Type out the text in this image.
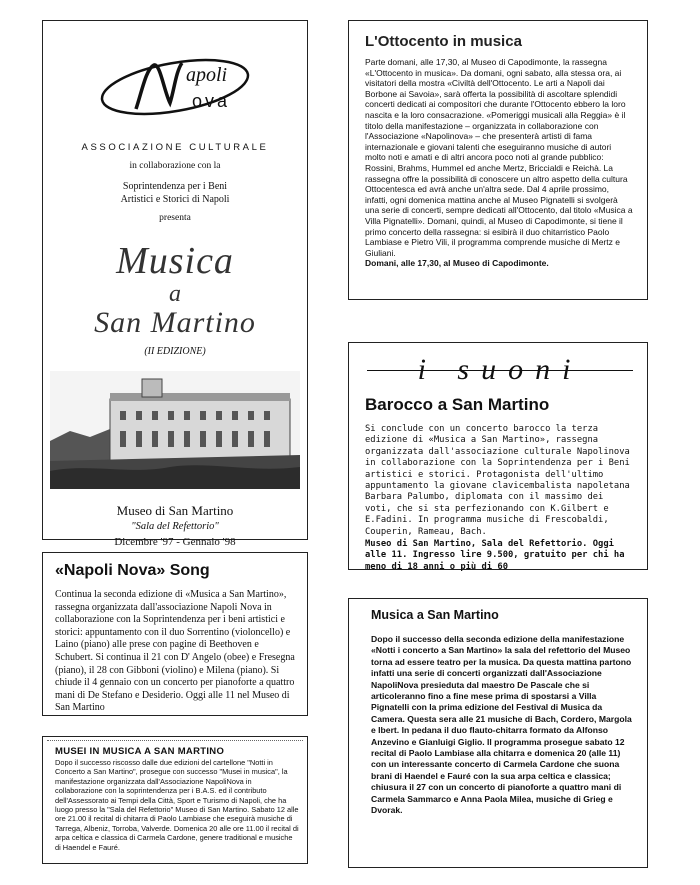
apoli
ova
ASSOCIAZIONE CULTURALE
in collaborazione con la
Soprintendenza per i Beni
Artistici e Storici di Napoli
presenta
Musica
a
San Martino
(II EDIZIONE)
Museo di San Martino
"Sala del Refettorio"
Dicembre '97 - Gennaio '98
L'Ottocento in musica

Parte domani, alle 17,30, al Museo di Capodimonte, la rassegna «L'Ottocento in musica». Da domani, ogni sabato, alla stessa ora, ai visitatori della mostra «Civiltà dell'Ottocento. Le arti a Napoli dai Borbone ai Savoia», sarà offerta la possibilità di ascoltare splendidi concerti dedicati ai compositori che durante l'Ottocento ebbero la loro nascita e la loro consacrazione. «Pomeriggi musicali alla Reggia» è il titolo della manifestazione – organizzata in collaborazione con l'Associazione «Napolinova» – che presenterà artisti di fama internazionale e giovani talenti che eseguiranno musiche di autori molto noti e amati e di altri ancora poco noti al grande pubblico: Rossini, Brahms, Hummel ed anche Mertz, Briccialdi e Reichà. La rassegna offre la possibilità di conoscere un altro aspetto della cultura Ottocentesca ed avrà anche un'altra sede. Dal 4 aprile prossimo, infatti, ogni domenica mattina anche al Museo Pignatelli si svolgerà una serie di concerti, sempre dedicati all'Ottocento, dal titolo «Musica a Villa Pignatelli». Domani, quindi, al Museo di Capodimonte, si tiene il primo concerto della rassegna: si esibirà il duo chitarristico Paolo Lambiase e Pietro Vili, il programma comprende musiche di Mertz e Giuliani.

Domani, alle 17,30, al Museo di Capodimonte.

i suoni
Barocco a San Martino

Si conclude con un concerto barocco la terza edizione di «Musica a San Martino», rassegna organizzata dall'associazione culturale Napolinova in collaborazione con la Soprintendenza per i Beni artistici e storici. Protagonista dell'ultimo appuntamento la giovane clavicembalista napoletana Barbara Palumbo, diplomata con il massimo dei voti, che si sta perfezionando con K.Gilbert e E.Fadini. In programma musiche di Frescobaldi, Couperin, Rameau, Bach.

Museo di San Martino, Sala del Refettorio. Oggi alle 11. Ingresso lire 9.500, gratuito per chi ha meno di 18 anni o più di 60

«Napoli Nova» Song

Continua la seconda edizione di «Musica a San Martino», rassegna organizzata dall'associazione Napoli Nova in collaborazione con la Soprintendenza per i beni artistici e storici: appuntamento con il duo Sorrentino (violoncello) e Laino (piano) alle prese con pagine di Beethoven e Schubert. Si continua il 21 con D' Angelo (obee) e Fresegna (piano), il 28 con Gibboni (violino) e Milena (piano). Si chiude il 4 gennaio con un concerto per pianoforte a quattro mani di De Stefano e Desiderio. Oggi alle 11 nel Museo di San Martino

Musica a San Martino

Dopo il successo della seconda edizione della manifestazione «Notti i concerto a San Martino» la sala del refettorio del Museo torna ad essere teatro per la musica. Da questa mattina partono infatti una serie di concerti organizzati dall'Associazione NapoliNova presieduta dal maestro De Pascale che si articoleranno fino a fine mese prima di spostarsi a Villa Pignatelli con la prima edizione del Festival di Musica da Camera. Questa sera alle 21 musiche di Bach, Cordero, Margola e Ibert. In pedana il duo flauto-chitarra formato da Alfonso Anzevino e Gianluigi Giglio. Il programma prosegue sabato 12 recital di Paolo Lambiase alla chitarra e domenica 20 (alle 11) con un interessante concerto di Carmela Cardone che suona brani di Haendel e Fauré con la sua arpa celtica e classica; chiusura il 27 con un concerto di pianoforte a quattro mani di Carmela Sammarco e Anna Paola Milea, musiche di Grieg e Dvorak.

MUSEI IN MUSICA A SAN MARTINO

Dopo il successo riscosso dalle due edizioni del cartellone "Notti in Concerto a San Martino", prosegue con successo "Musei in musica", la manifestazione organizzata dall'Associazione NapoliNova in collaborazione con la soprintendenza per i B.A.S. ed il contributo dell'Assessorato ai Tempi della Città, Sport e Turismo di Napoli, che ha luogo presso la "Sala del Refettorio" Museo di San Martino. Sabato 12 alle ore 21.00 il recital di chitarra di Paolo Lambiase che eseguirà musiche di Tarrega, Albeniz, Torroba, Valverde. Domenica 20 alle ore 11.00 il recital di arpa celtica e classica di Carmela Cardone, genere traditional e musiche di Haendel e Fauré.
